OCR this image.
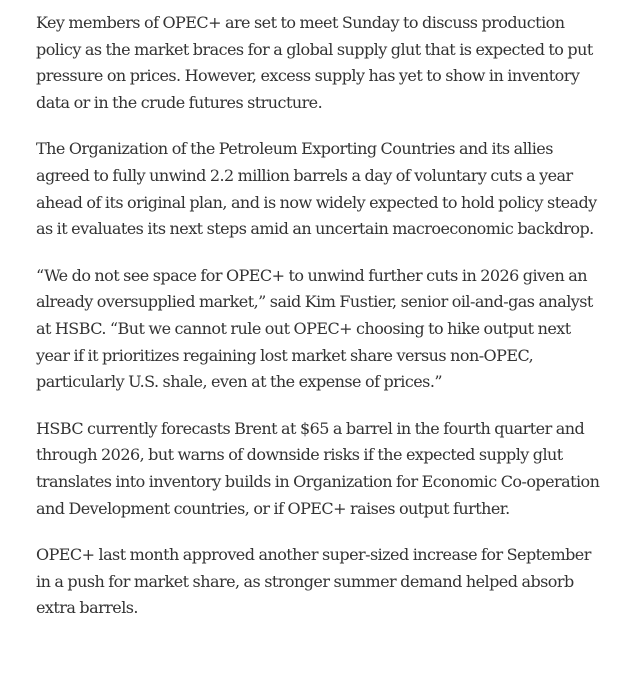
Key members of OPEC+ are set to meet Sunday to discuss production policy as the market braces for a global supply glut that is expected to put pressure on prices. However, excess supply has yet to show in inventory data or in the crude futures structure.

The Organization of the Petroleum Exporting Countries and its allies agreed to fully unwind 2.2 million barrels a day of voluntary cuts a year ahead of its original plan, and is now widely expected to hold policy steady as it evaluates its next steps amid an uncertain macroeconomic backdrop.

“We do not see space for OPEC+ to unwind further cuts in 2026 given an already oversupplied market,” said Kim Fustier, senior oil-and-gas analyst at HSBC. “But we cannot rule out OPEC+ choosing to hike output next year if it prioritizes regaining lost market share versus non-OPEC, particularly U.S. shale, even at the expense of prices.”

HSBC currently forecasts Brent at $65 a barrel in the fourth quarter and through 2026, but warns of downside risks if the expected supply glut translates into inventory builds in Organization for Economic Co-operation and Development countries, or if OPEC+ raises output further.

OPEC+ last month approved another super-sized increase for September in a push for market share, as stronger summer demand helped absorb extra barrels.
